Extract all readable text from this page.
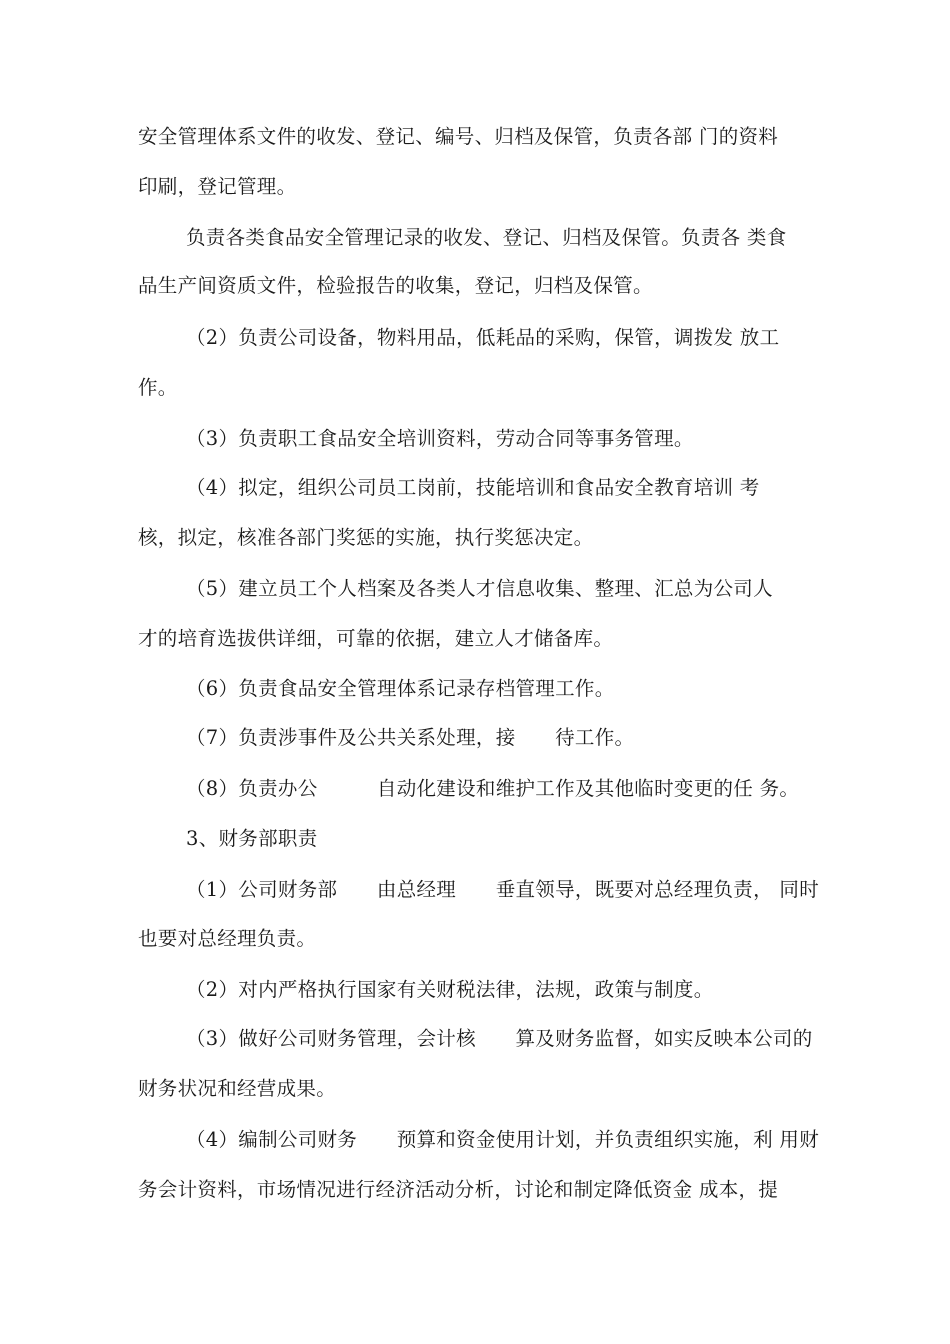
安全管理体系文件的收发、登记、编号、归档及保管，负责各部 门的资料
印刷，登记管理。
负责各类食品安全管理记录的收发、登记、归档及保管。负责各 类食
品生产间资质文件，检验报告的收集，登记，归档及保管。
（2）负责公司设备，物料用品，低耗品的采购，保管，调拨发 放工
作。
（3）负责职工食品安全培训资料，劳动合同等事务管理。
（4）拟定，组织公司员工岗前，技能培训和食品安全教育培训 考
核，拟定，核准各部门奖惩的实施，执行奖惩决定。
（5）建立员工个人档案及各类人才信息收集、整理、汇总为公司人
才的培育选拔供详细，可靠的依据，建立人才储备库。
（6）负责食品安全管理体系记录存档管理工作。
（7）负责涉事件及公共关系处理，接　　待工作。
（8）负责办公　　　自动化建设和维护工作及其他临时变更的任 务。
3、财务部职责
（1）公司财务部　　由总经理　　垂直领导，既要对总经理负责， 同时
也要对总经理负责。
（2）对内严格执行国家有关财税法律，法规，政策与制度。
（3）做好公司财务管理，会计核　　算及财务监督，如实反映本公司的
财务状况和经营成果。
（4）编制公司财务　　预算和资金使用计划，并负责组织实施，利 用财
务会计资料，市场情况进行经济活动分析，讨论和制定降低资金 成本，提
